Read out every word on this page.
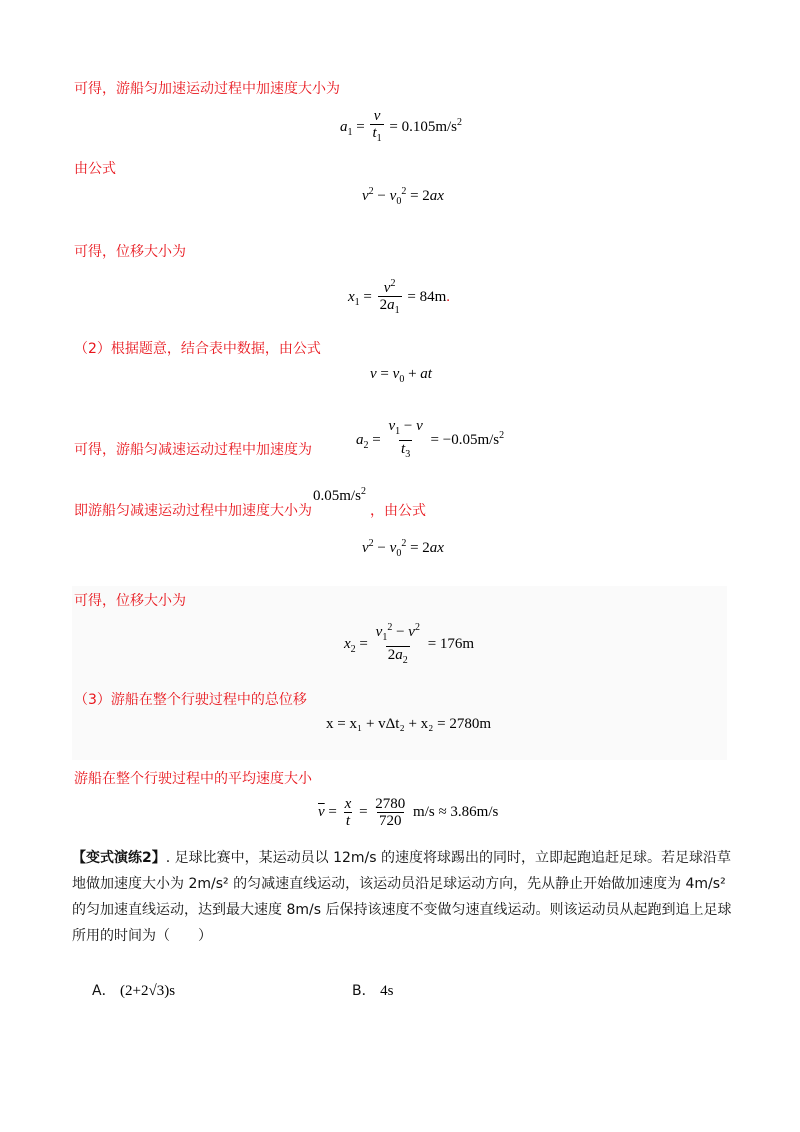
可得，游船匀加速运动过程中加速度大小为
$a_1 = \frac{v}{t_1} = 0.105m/s^2$
由公式
$v^2 - v_0^2 = 2ax$
可得，位移大小为
$x_1 = \frac{v^2}{2a_1} = 84m$.
（2）根据题意，结合表中数据，由公式
$v = v_0$ + at
$a_2 = \frac{v_1 - v}{t_3} = -0.05m/s^2$
可得，游船匀减速运动过程中加速度为
即游船匀减速运动过程中加速度大小为
$0.05m/s^2$
，由公式
$v^2 - v_0^2 = 2ax$
可得，位移大小为
$x_2 = \frac{v_1^2 - v^2}{2a_2} = 176m$
（3）游船在整个行驶过程中的总位移
x = x₁ + vΔt₂ + x₂ = 2780m
游船在整个行驶过程中的平均速度大小
$\overline{v} = \frac{x}{t} = \frac{2780}{720} m/s \approx 3.86m/s$
【变式演练2】. 足球比赛中，某运动员以 12m/s 的速度将球踢出的同时，立即起跑追赶足球。若足球沿草地做加速度大小为 2m/s² 的匀减速直线运动，该运动员沿足球运动方向，先从静止开始做加速度为 4m/s² 的匀加速直线运动，达到最大速度 8m/s 后保持该速度不变做匀速直线运动。则该运动员从起跑到追上足球所用的时间为（　　）
A． (2+2√3)s	B． 4s
